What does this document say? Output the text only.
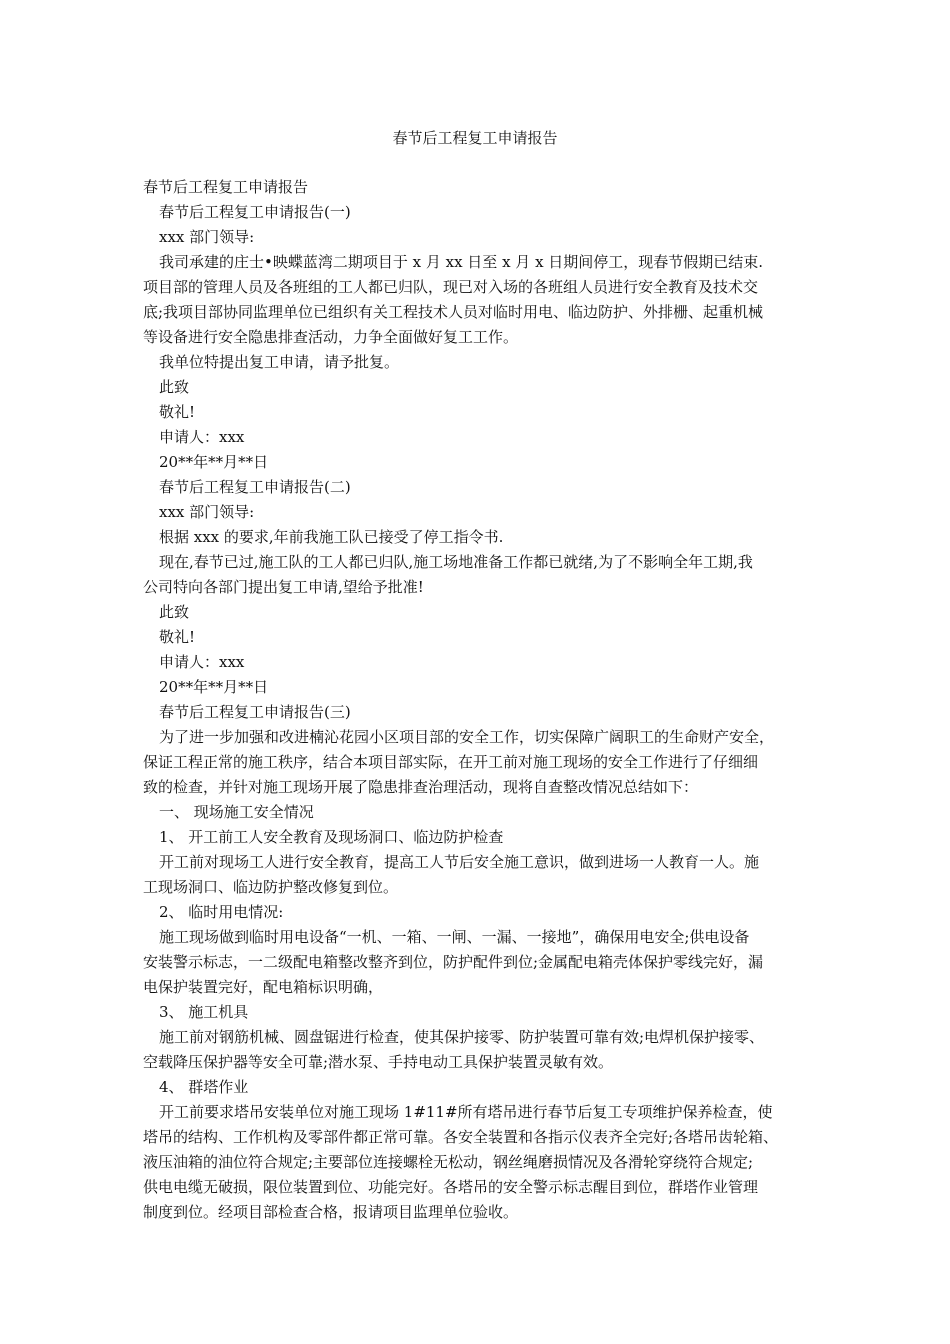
春节后工程复工申请报告
春节后工程复工申请报告
春节后工程复工申请报告(一)
xxx 部门领导:
我司承建的庄士•映蝶蓝湾二期项目于 x 月 xx 日至 x 月 x 日期间停工，现春节假期已结束.
项目部的管理人员及各班组的工人都已归队，现已对入场的各班组人员进行安全教育及技术交
底;我项目部协同监理单位已组织有关工程技术人员对临时用电、临边防护、外排栅、起重机械
等设备进行安全隐患排查活动，力争全面做好复工工作。
我单位特提出复工申请，请予批复。
此致
敬礼!
申请人：xxx
20**年**月**日
春节后工程复工申请报告(二)
xxx 部门领导:
根据 xxx 的要求,年前我施工队已接受了停工指令书.
现在,春节已过,施工队的工人都已归队,施工场地准备工作都已就绪,为了不影响全年工期,我
公司特向各部门提出复工申请,望给予批准!
此致
敬礼!
申请人：xxx
20**年**月**日
春节后工程复工申请报告(三)
为了进一步加强和改进楠沁花园小区项目部的安全工作，切实保障广阔职工的生命财产安全，
保证工程正常的施工秩序，结合本项目部实际，在开工前对施工现场的安全工作进行了仔细细
致的检查，并针对施工现场开展了隐患排查治理活动，现将自查整改情况总结如下：
一、 现场施工安全情况
1、 开工前工人安全教育及现场洞口、临边防护检查
开工前对现场工人进行安全教育，提高工人节后安全施工意识，做到进场一人教育一人。施
工现场洞口、临边防护整改修复到位。
2、 临时用电情况:
施工现场做到临时用电设备“一机、一箱、一闸、一漏、一接地”，确保用电安全;供电设备
安装警示标志，一二级配电箱整改整齐到位，防护配件到位;金属配电箱壳体保护零线完好，漏
电保护装置完好，配电箱标识明确，
3、 施工机具
施工前对钢筋机械、圆盘锯进行检查，使其保护接零、防护装置可靠有效;电焊机保护接零、
空载降压保护器等安全可靠;潜水泵、手持电动工具保护装置灵敏有效。
4、 群塔作业
开工前要求塔吊安装单位对施工现场 1#11#所有塔吊进行春节后复工专项维护保养检查，使
塔吊的结构、工作机构及零部件都正常可靠。各安全装置和各指示仪表齐全完好;各塔吊齿轮箱、
液压油箱的油位符合规定;主要部位连接螺栓无松动，钢丝绳磨损情况及各滑轮穿绕符合规定;
供电电缆无破损，限位装置到位、功能完好。各塔吊的安全警示标志醒目到位，群塔作业管理
制度到位。经项目部检查合格，报请项目监理单位验收。
